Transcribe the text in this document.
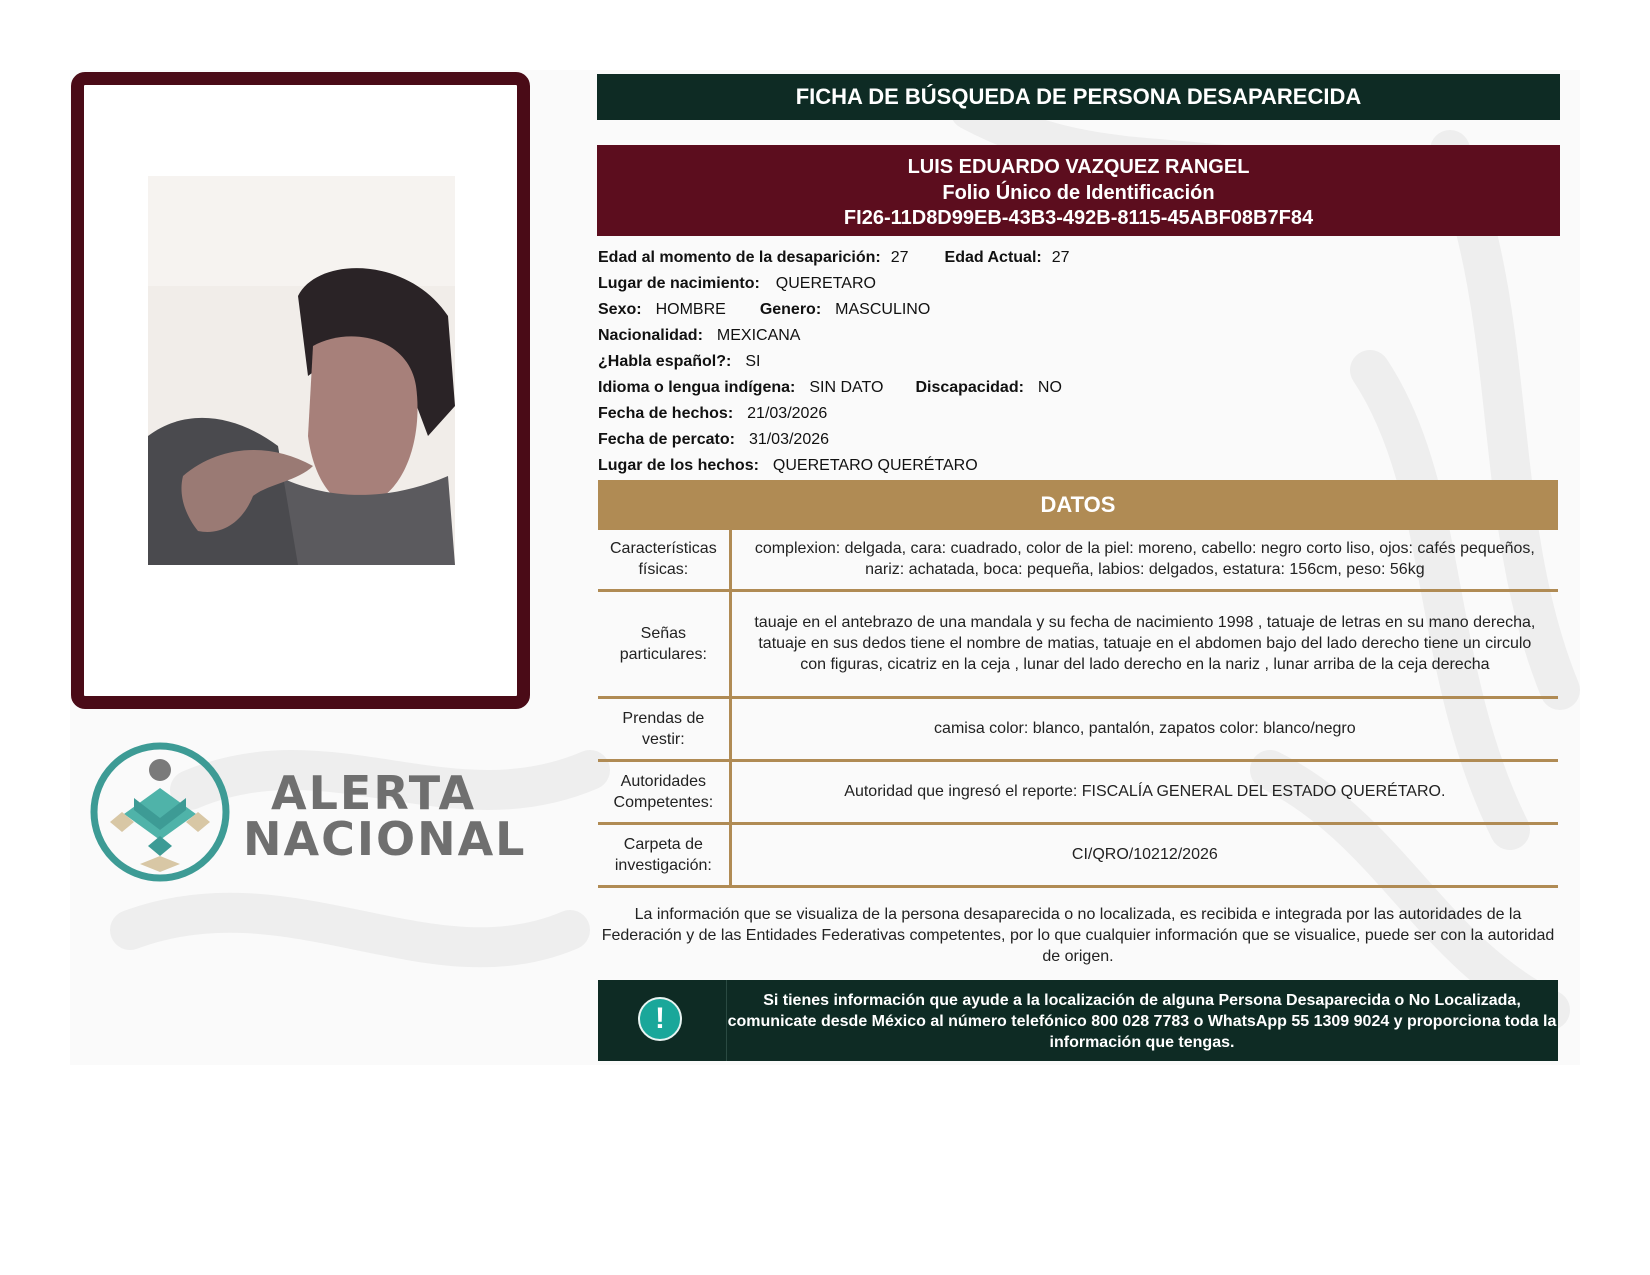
ALERTA
NACIONAL
FICHA DE BÚSQUEDA DE PERSONA DESAPARECIDA
LUIS EDUARDO VAZQUEZ RANGEL
Folio Único de Identificación
FI26-11D8D99EB-43B3-492B-8115-45ABF08B7F84
Edad al momento de la desaparición: 27 Edad Actual: 27
Lugar de nacimiento: QUERETARO
Sexo: HOMBRE Genero: MASCULINO
Nacionalidad: MEXICANA
¿Habla español?: SI
Idioma o lengua indígena: SIN DATO Discapacidad: NO
Fecha de hechos: 21/03/2026
Fecha de percato: 31/03/2026
Lugar de los hechos: QUERETARO QUERÉTARO
DATOS
Características físicas:	complexion: delgada, cara: cuadrado, color de la piel: moreno, cabello: negro corto liso, ojos: cafés pequeños, nariz: achatada, boca: pequeña, labios: delgados, estatura: 156cm, peso: 56kg
Señas particulares:	tauaje en el antebrazo de una mandala y su fecha de nacimiento 1998 , tatuaje de letras en su mano derecha, tatuaje en sus dedos tiene el nombre de matias, tatuaje en el abdomen bajo del lado derecho tiene un circulo con figuras, cicatriz en la ceja , lunar del lado derecho en la nariz , lunar arriba de la ceja derecha
Prendas de vestir:	camisa color: blanco, pantalón, zapatos color: blanco/negro
Autoridades Competentes:	Autoridad que ingresó el reporte: FISCALÍA GENERAL DEL ESTADO QUERÉTARO.
Carpeta de investigación:	CI/QRO/10212/2026
La información que se visualiza de la persona desaparecida o no localizada, es recibida e integrada por las autoridades de la Federación y de las Entidades Federativas competentes, por lo que cualquier información que se visualice, puede ser con la autoridad de origen.
!
Si tienes información que ayude a la localización de alguna Persona Desaparecida o No Localizada, comunicate desde México al número telefónico 800 028 7783 o WhatsApp 55 1309 9024 y proporciona toda la información que tengas.
